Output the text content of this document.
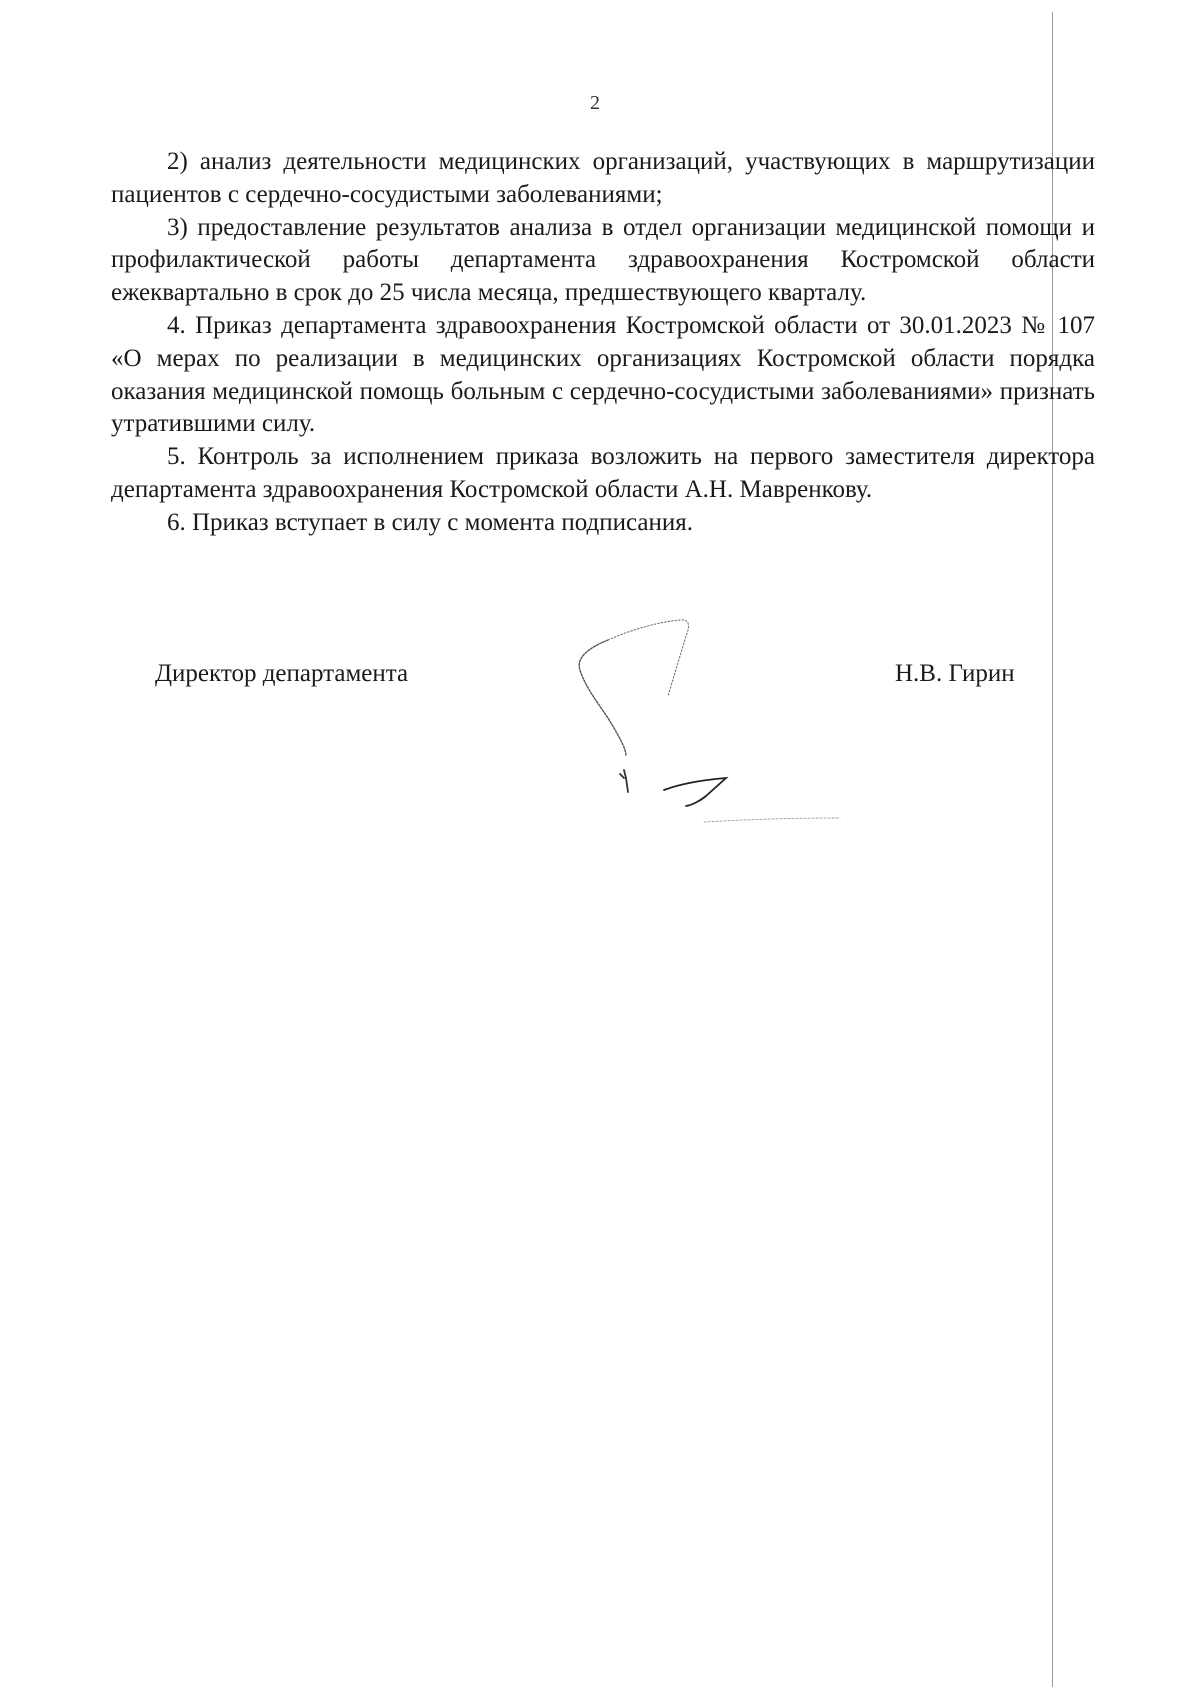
2

2) анализ деятельности медицинских организаций, участвующих в маршрутизации пациентов с сердечно-сосудистыми заболеваниями;

3) предоставление результатов анализа в отдел организации медицинской помощи и профилактической работы департамента здравоохранения Костромской области ежеквартально в срок до 25 числа месяца, предшествующего кварталу.

4. Приказ департамента здравоохранения Костромской области от 30.01.2023 № 107 «О мерах по реализации в медицинских организациях Костромской области порядка оказания медицинской помощь больным с сердечно-сосудистыми заболеваниями» признать утратившими силу.

5. Контроль за исполнением приказа возложить на первого заместителя директора департамента здравоохранения Костромской области А.Н. Мавренкову.

6. Приказ вступает в силу с момента подписания.

Директор департамента	Н.В. Гирин
